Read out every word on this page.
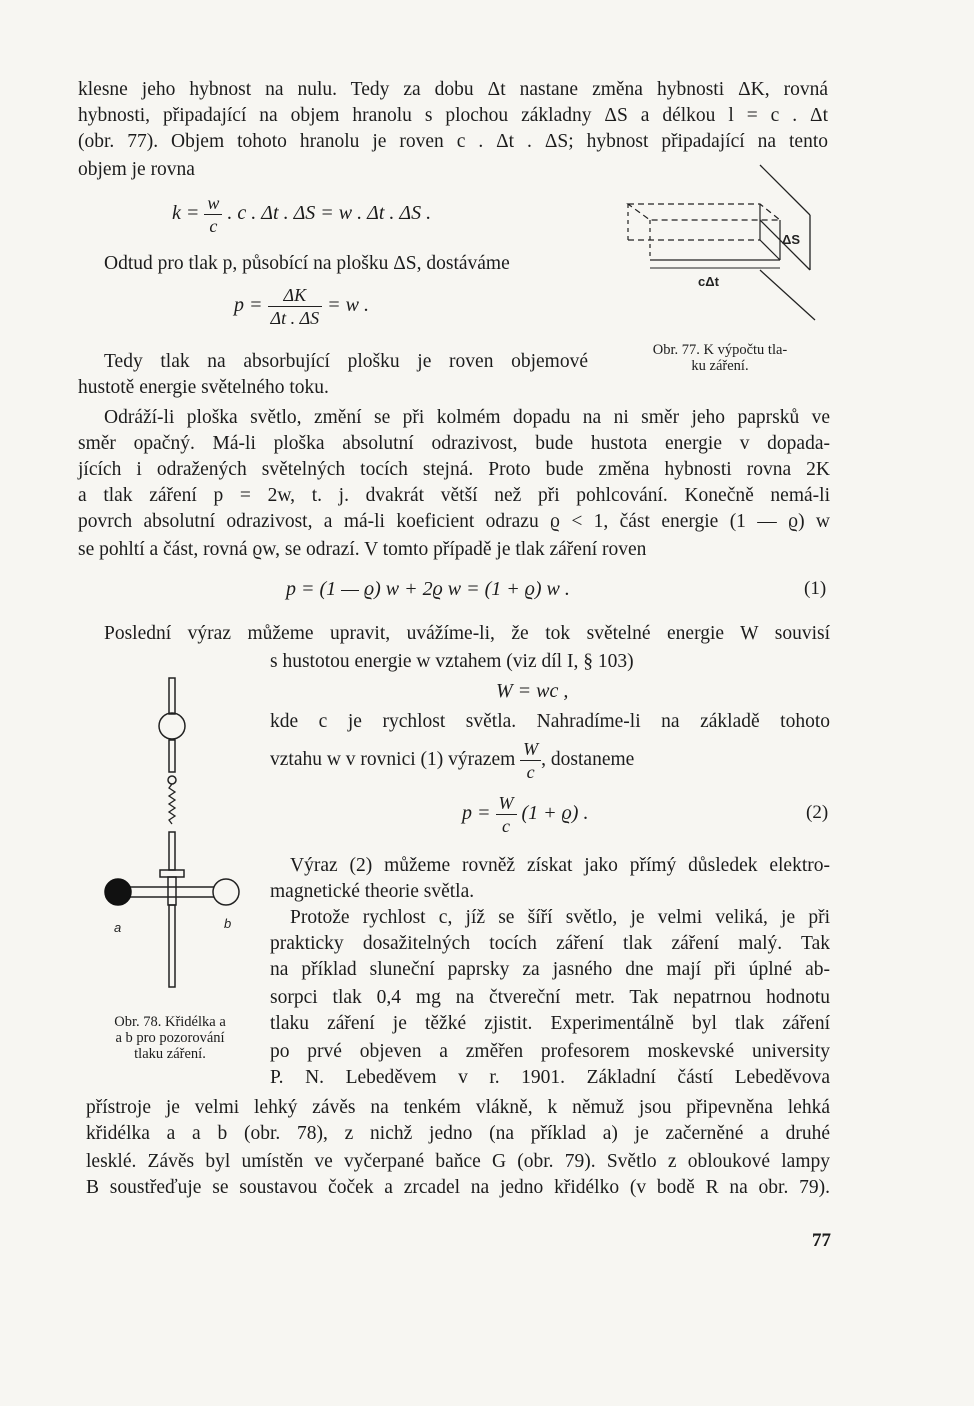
klesne jeho hybnost na nulu. Tedy za dobu Δt nastane změna hybnosti ΔK, rovná
hybnosti, připadající na objem hranolu s plochou základny ΔS a délkou l = c . Δt
(obr. 77). Objem tohoto hranolu je roven c . Δt . ΔS; hybnost připadající na tento
objem je rovna
$k = \frac{w}{c}$ . c . Δt . ΔS = w . Δt . ΔS .
Odtud pro tlak p, působící na plošku ΔS, dostáváme
$p = \frac{\Delta K}{\Delta t . \Delta S} = w$ .
Tedy tlak na absorbující plošku je roven objemové
hustotě energie světelného toku.
ΔS
cΔt
Obr. 77. K výpočtu tla-
ku záření.
Odráží-li ploška světlo, změní se při kolmém dopadu na ni směr jeho paprsků ve
směr opačný. Má-li ploška absolutní odrazivost, bude hustota energie v dopada-
jících i odražených světelných tocích stejná. Proto bude změna hybnosti rovna 2K
a tlak záření p = 2w, t. j. dvakrát větší než při pohlcování. Konečně nemá-li
povrch absolutní odrazivost, a má-li koeficient odrazu ϱ < 1, část energie (1 — ϱ) w
se pohltí a část, rovná ϱw, se odrazí. V tomto případě je tlak záření roven
p = (1 — ϱ) w + 2ϱ w = (1 + ϱ) w .	(1)
Poslední výraz můžeme upravit, uvážíme-li, že tok světelné energie W souvisí
s hustotou energie w vztahem (viz díl I, § 103)
W = wc ,
kde c je rychlost světla. Nahradíme-li na základě tohoto
vztahu w v rovnici (1) výrazem $\frac{W}{c}$ , dostaneme
$p = \frac{W}{c} (1 + ϱ)$ .	(2)
Výraz (2) můžeme rovněž získat jako přímý důsledek elektro-
magnetické theorie světla.
Protože rychlost c, jíž se šíří světlo, je velmi veliká, je při
prakticky dosažitelných tocích záření tlak záření malý. Tak
na příklad sluneční paprsky za jasného dne mají při úplné ab-
sorpci tlak 0,4 mg na čtvereční metr. Tak nepatrnou hodnotu
tlaku záření je těžké zjistit. Experimentálně byl tlak záření
po prvé objeven a změřen profesorem moskevské university
P. N. Lebeděvem v r. 1901. Základní částí Lebeděvova
přístroje je velmi lehký závěs na tenkém vlákně, k němuž jsou připevněna lehká
křidélka a a b (obr. 78), z nichž jedno (na příklad a) je začerněné a druhé
lesklé. Závěs byl umístěn ve vyčerpané baňce G (obr. 79). Světlo z obloukové lampy
B soustřeďuje se soustavou čoček a zrcadel na jedno křidélko (v bodě R na obr. 79).
a	b
Obr. 78. Křidélka a
a b pro pozorování
tlaku záření.
77
